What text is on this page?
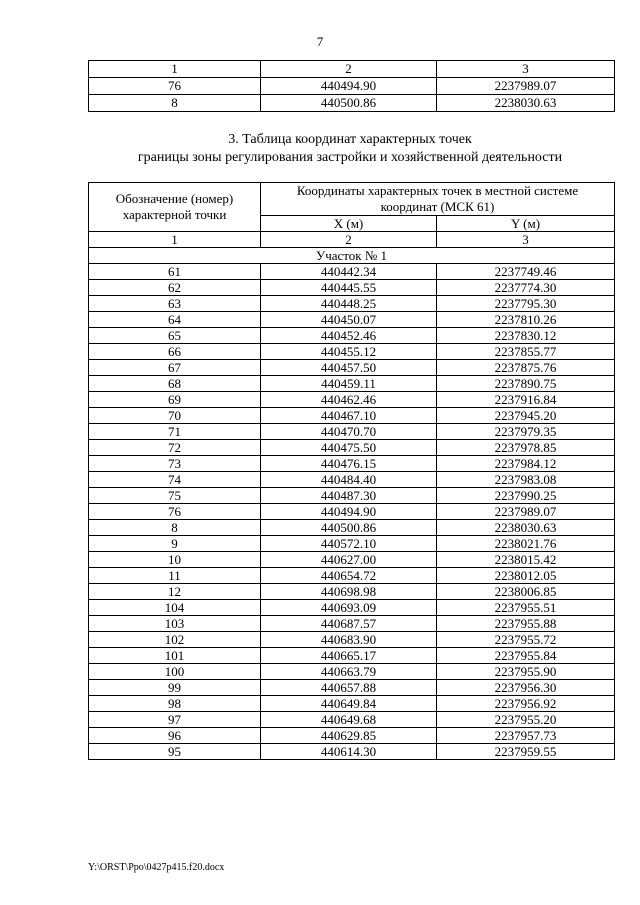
7
1	2	3
76	440494.90	2237989.07
8	440500.86	2238030.63
3. Таблица координат характерных точек
границы зоны регулирования застройки и хозяйственной деятельности
Обозначение (номер) характерной точки	Координаты характерных точек в местной системе координат (МСК 61)	
	X (м)	Y (м)
1	2	3
Участок № 1		
61	440442.34	2237749.46
62	440445.55	2237774.30
63	440448.25	2237795.30
64	440450.07	2237810.26
65	440452.46	2237830.12
66	440455.12	2237855.77
67	440457.50	2237875.76
68	440459.11	2237890.75
69	440462.46	2237916.84
70	440467.10	2237945.20
71	440470.70	2237979.35
72	440475.50	2237978.85
73	440476.15	2237984.12
74	440484.40	2237983.08
75	440487.30	2237990.25
76	440494.90	2237989.07
8	440500.86	2238030.63
9	440572.10	2238021.76
10	440627.00	2238015.42
11	440654.72	2238012.05
12	440698.98	2238006.85
104	440693.09	2237955.51
103	440687.57	2237955.88
102	440683.90	2237955.72
101	440665.17	2237955.84
100	440663.79	2237955.90
99	440657.88	2237956.30
98	440649.84	2237956.92
97	440649.68	2237955.20
96	440629.85	2237957.73
95	440614.30	2237959.55
Y:\ORST\Ppo\0427p415.f20.docx
